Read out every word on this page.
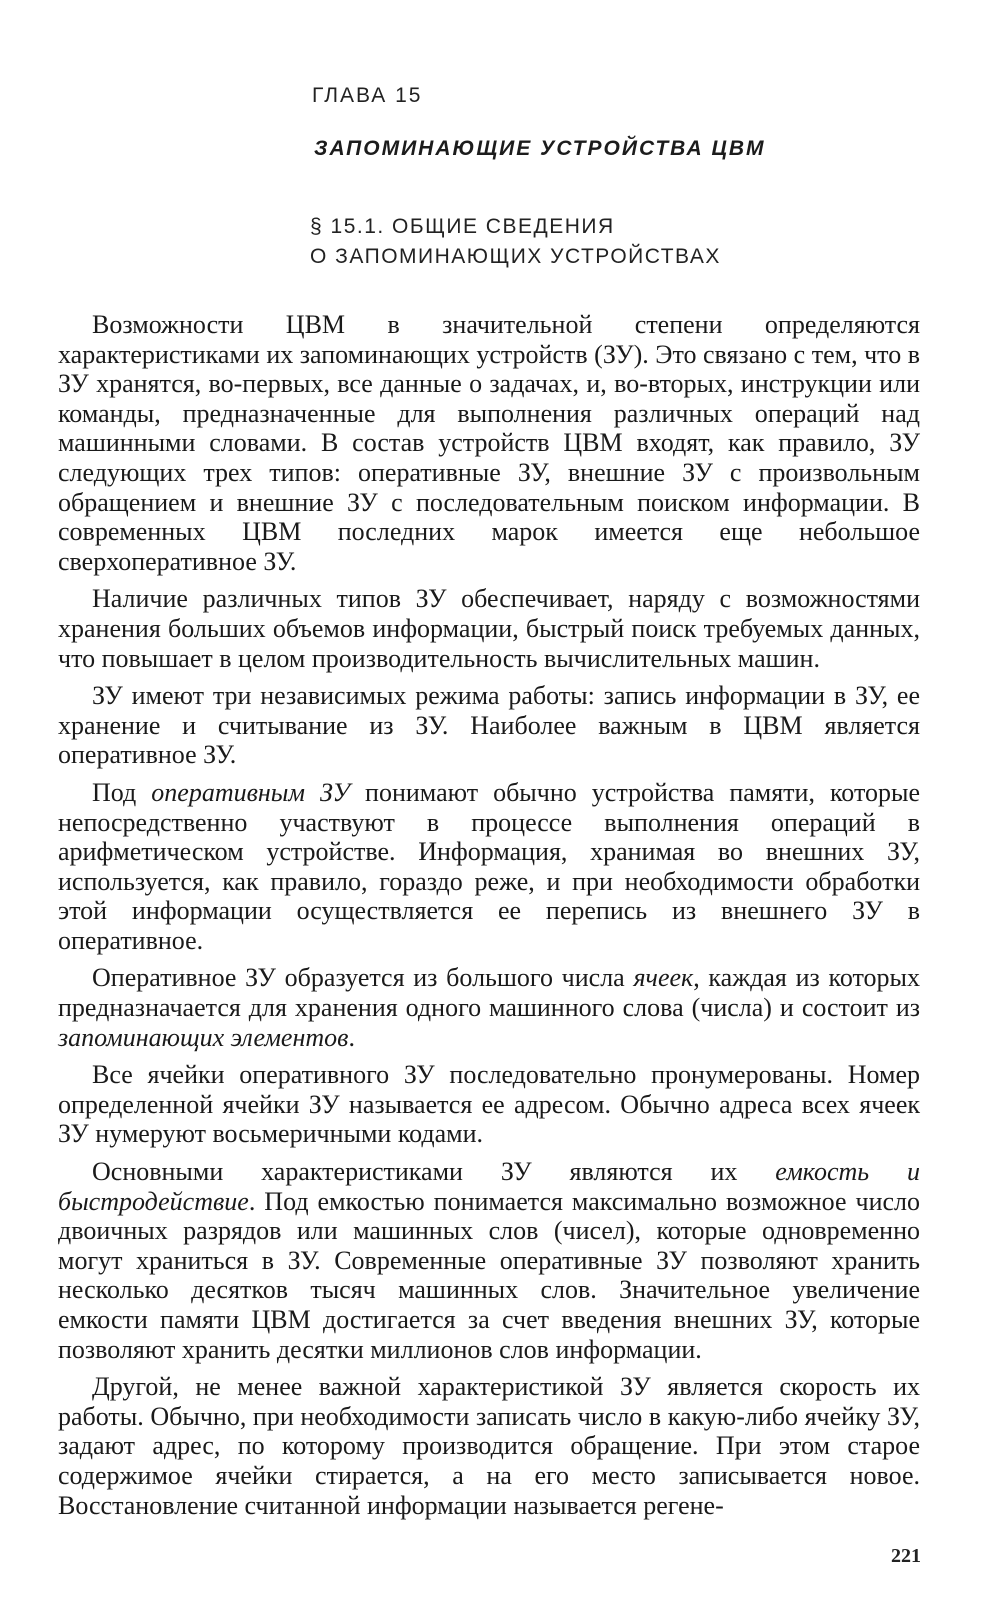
ГЛАВА 15
ЗАПОМИНАЮЩИЕ УСТРОЙСТВА ЦВМ
§ 15.1. ОБЩИЕ СВЕДЕНИЯ
О ЗАПОМИНАЮЩИХ УСТРОЙСТВАХ

Возможности ЦВМ в значительной степени определяются характеристиками их запоминающих устройств (ЗУ). Это связано с тем, что в ЗУ хранятся, во-первых, все данные о задачах, и, во-вторых, инструкции или команды, предназначенные для выполнения различных операций над машинными словами. В состав устройств ЦВМ входят, как правило, ЗУ следующих трех типов: оперативные ЗУ, внешние ЗУ с произвольным обращением и внешние ЗУ с последовательным поиском информации. В современных ЦВМ последних марок имеется еще небольшое сверхоперативное ЗУ.

Наличие различных типов ЗУ обеспечивает, наряду с возможностями хранения больших объемов информации, быстрый поиск требуемых данных, что повышает в целом производительность вычислительных машин.

ЗУ имеют три независимых режима работы: запись информации в ЗУ, ее хранение и считывание из ЗУ. Наиболее важным в ЦВМ является оперативное ЗУ.

Под оперативным ЗУ понимают обычно устройства памяти, которые непосредственно участвуют в процессе выполнения операций в арифметическом устройстве. Информация, хранимая во внешних ЗУ, используется, как правило, гораздо реже, и при необходимости обработки этой информации осуществляется ее перепись из внешнего ЗУ в оперативное.

Оперативное ЗУ образуется из большого числа ячеек, каждая из которых предназначается для хранения одного машинного слова (числа) и состоит из запоминающих элементов.

Все ячейки оперативного ЗУ последовательно пронумерованы. Номер определенной ячейки ЗУ называется ее адресом. Обычно адреса всех ячеек ЗУ нумеруют восьмеричными кодами.

Основными характеристиками ЗУ являются их емкость и быстродействие. Под емкостью понимается максимально возможное число двоичных разрядов или машинных слов (чисел), которые одновременно могут храниться в ЗУ. Современные оперативные ЗУ позволяют хранить несколько десятков тысяч машинных слов. Значительное увеличение емкости памяти ЦВМ достигается за счет введения внешних ЗУ, которые позволяют хранить десятки миллионов слов информации.

Другой, не менее важной характеристикой ЗУ является скорость их работы. Обычно, при необходимости записать число в какую-либо ячейку ЗУ, задают адрес, по которому производится обращение. При этом старое содержимое ячейки стирается, а на его место записывается новое. Восстановление считанной информации называется регене-

221
